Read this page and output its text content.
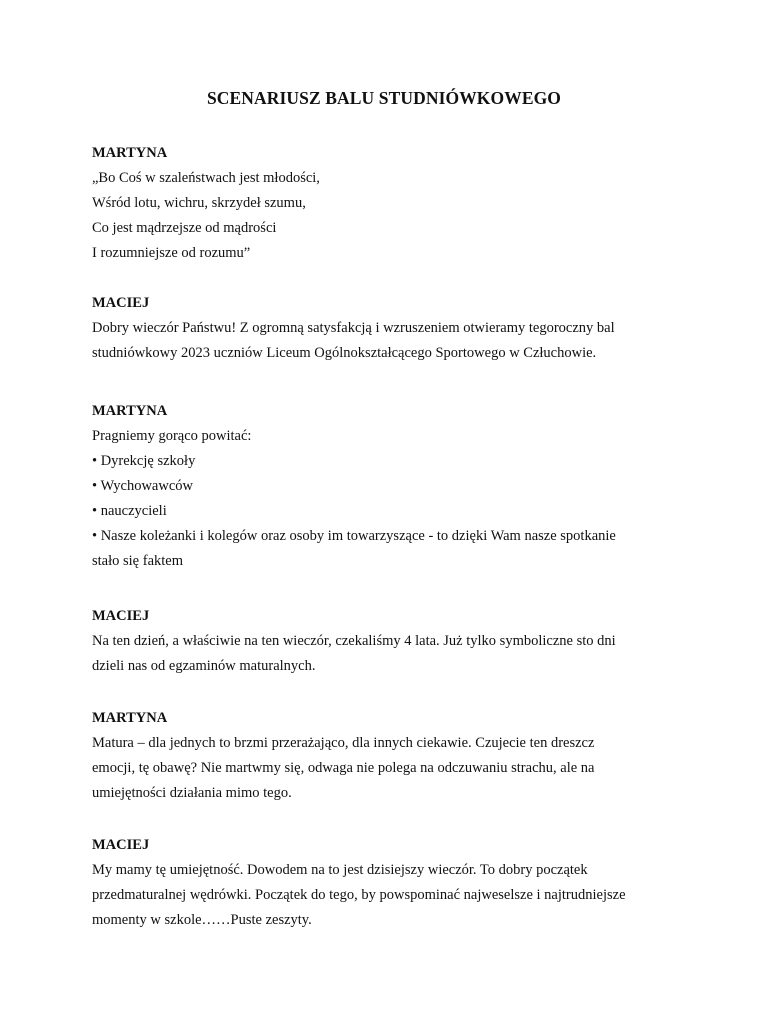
SCENARIUSZ BALU STUDNIÓWKOWEGO

MARTYNA

„Bo Coś w szaleństwach jest młodości,

Wśród lotu, wichru, skrzydeł szumu,

Co jest mądrzejsze od mądrości

I rozumniejsze od rozumu”

MACIEJ

Dobry wieczór Państwu! Z ogromną satysfakcją i wzruszeniem otwieramy tegoroczny bal

studniówkowy 2023 uczniów Liceum Ogólnokształcącego Sportowego w Człuchowie.

MARTYNA

Pragniemy gorąco powitać:

• Dyrekcję szkoły

• Wychowawców

• nauczycieli

• Nasze koleżanki i kolegów oraz osoby im towarzyszące - to dzięki Wam nasze spotkanie

stało się faktem

MACIEJ

Na ten dzień, a właściwie na ten wieczór, czekaliśmy 4 lata. Już tylko symboliczne sto dni

dzieli nas od egzaminów maturalnych.

MARTYNA

Matura – dla jednych to brzmi przerażająco, dla innych ciekawie. Czujecie ten dreszcz

emocji, tę obawę? Nie martwmy się, odwaga nie polega na odczuwaniu strachu, ale na

umiejętności działania mimo tego.

MACIEJ

My mamy tę umiejętność. Dowodem na to jest dzisiejszy wieczór. To dobry początek

przedmaturalnej wędrówki. Początek do tego, by powspominać najweselsze i najtrudniejsze

momenty w szkole……Puste zeszyty.
